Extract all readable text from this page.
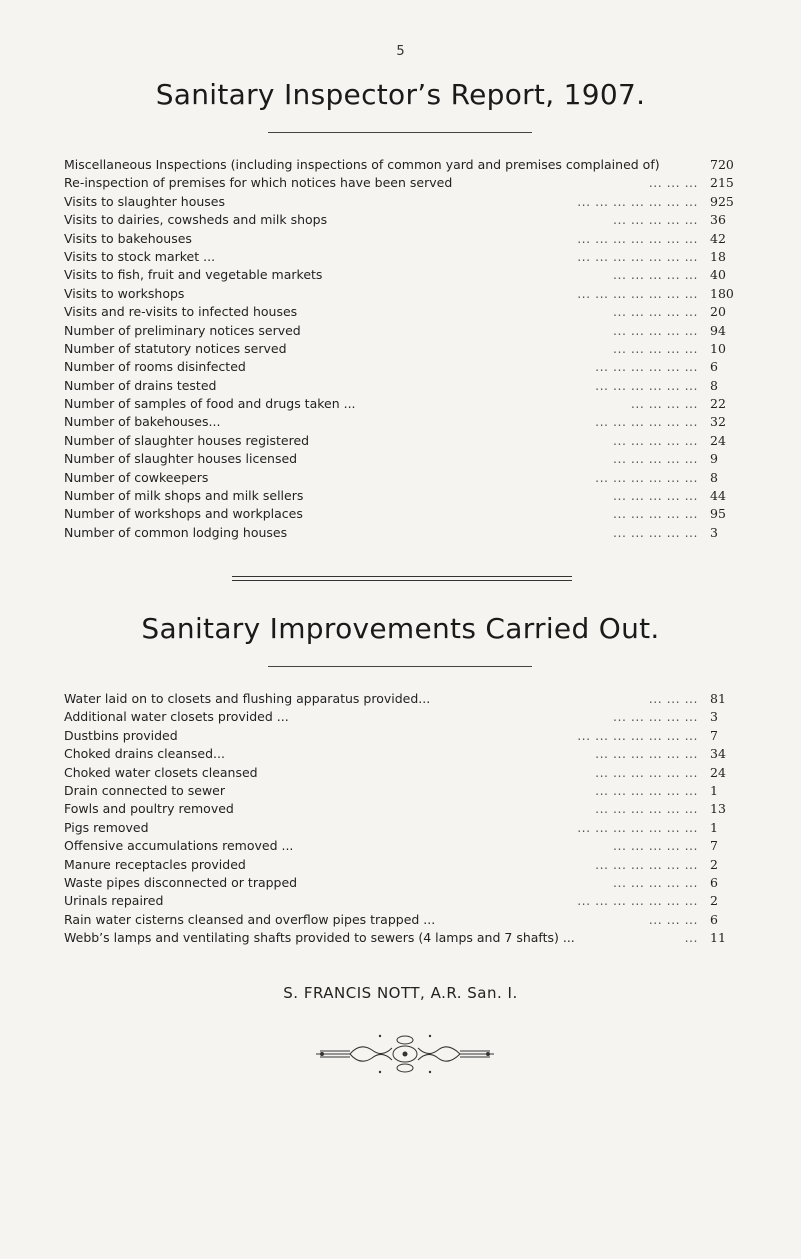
5
Sanitary Inspector’s Report, 1907.
Miscellaneous Inspections (including inspections of common yard and premises complained of)	720
Re-inspection of premises for which notices have been served	... ... ... 215
Visits to slaughter houses	... ... ... ... ... ... ... 925
Visits to dairies, cowsheds and milk shops	... ... ... ... ... 36
Visits to bakehouses	... ... ... ... ... ... ... 42
Visits to stock market ...	... ... ... ... ... ... ... 18
Visits to fish, fruit and vegetable markets	... ... ... ... ... 40
Visits to workshops	... ... ... ... ... ... ... 180
Visits and re-visits to infected houses	... ... ... ... ... 20
Number of preliminary notices served	... ... ... ... ... 94
Number of statutory notices served	... ... ... ... ... 10
Number of rooms disinfected	... ... ... ... ... ... 6
Number of drains tested	... ... ... ... ... ... 8
Number of samples of food and drugs taken ...	... ... ... ... 22
Number of bakehouses...	... ... ... ... ... ... 32
Number of slaughter houses registered	... ... ... ... ... 24
Number of slaughter houses licensed	... ... ... ... ... 9
Number of cowkeepers	... ... ... ... ... ... 8
Number of milk shops and milk sellers	... ... ... ... ... 44
Number of workshops and workplaces	... ... ... ... ... 95
Number of common lodging houses	... ... ... ... ... 3
Sanitary Improvements Carried Out.
Water laid on to closets and flushing apparatus provided...	... ... ... 81
Additional water closets provided ...	... ... ... ... ... 3
Dustbins provided	... ... ... ... ... ... ... 7
Choked drains cleansed...	... ... ... ... ... ... 34
Choked water closets cleansed	... ... ... ... ... ... 24
Drain connected to sewer	... ... ... ... ... ... 1
Fowls and poultry removed	... ... ... ... ... ... 13
Pigs removed	... ... ... ... ... ... ... 1
Offensive accumulations removed ...	... ... ... ... ... 7
Manure receptacles provided	... ... ... ... ... ... 2
Waste pipes disconnected or trapped	... ... ... ... ... 6
Urinals repaired	... ... ... ... ... ... ... 2
Rain water cisterns cleansed and overflow pipes trapped ...	... ... ... 6
Webb’s lamps and ventilating shafts provided to sewers (4 lamps and 7 shafts) ...	... 11
S. FRANCIS NOTT, A.R. San. I.
